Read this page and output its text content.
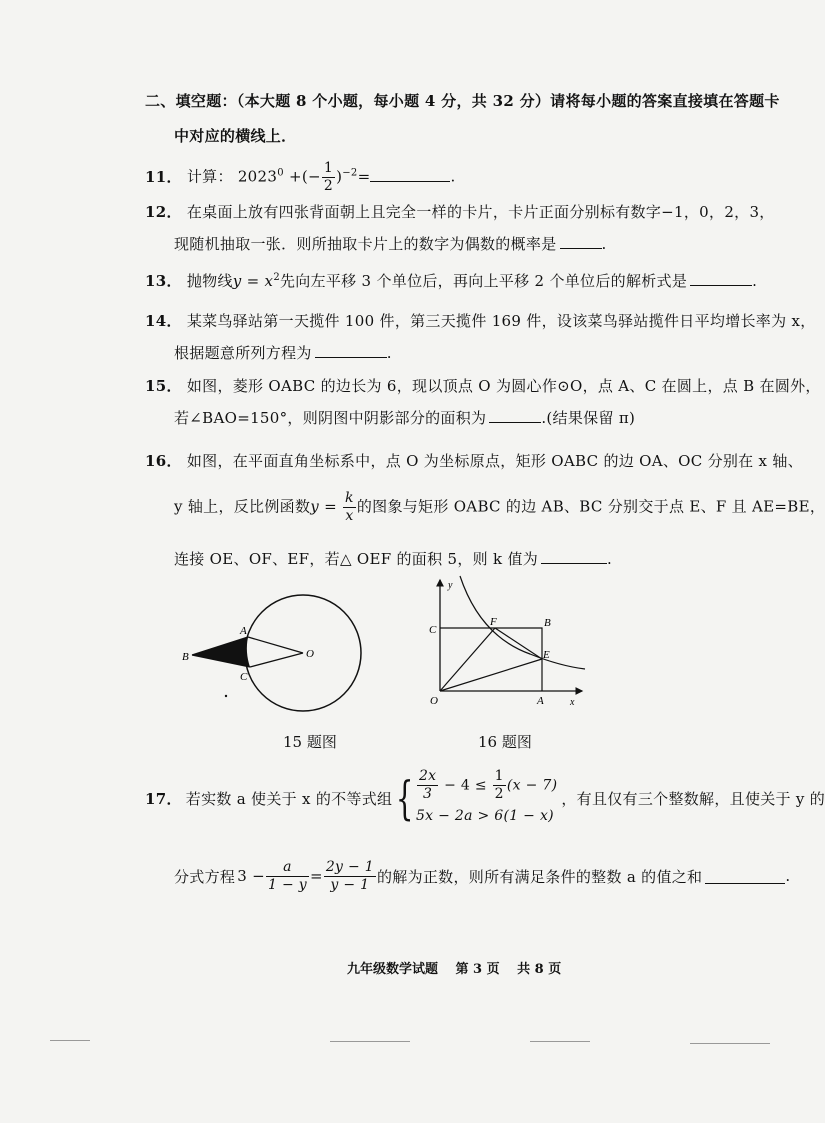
二、填空题：（本大题 8 个小题，每小题 4 分，共 32 分）请将每小题的答案直接填在答题卡
中对应的横线上．
11． 计算： $2023^0$ +(− $\frac{1}{2} )^{-2}=$	.
12． 在桌面上放有四张背面朝上且完全一样的卡片，卡片正面分别标有数字−1，0，2，3，
现随机抽取一张．则所抽取卡片上的数字为偶数的概率是	.
13． 抛物线$y = x^2$先向左平移 3 个单位后，再向上平移 2 个单位后的解析式是	.
14． 某菜鸟驿站第一天揽件 100 件，第三天揽件 169 件，设该菜鸟驿站揽件日平均增长率为 x，
根据题意所列方程为	.
15． 如图，菱形 OABC 的边长为 6，现以顶点 O 为圆心作⊙O，点 A、C 在圆上，点 B 在圆外，
若∠BAO=150°，则阴图中阴影部分的面积为	.(结果保留 π)
16． 如图，在平面直角坐标系中，点 O 为坐标原点，矩形 OABC 的边 OA、OC 分别在 x 轴、
y 轴上，反比例函数$y = \frac{k}{x}$ 的图象与矩形 OABC 的边 AB、BC 分别交于点 E、F 且 AE=BE，
连接 OE、OF、EF，若△ OEF 的面积 5，则 k 值为	.
B
A
C
O
15 题图
y
C
F	B
E
O	A	x
16 题图
17． 若实数 a 使关于 x 的不等式组 { $\frac{2x}{3} - 4 \le \frac{1}{2} (x - 7)$
5x − 2a > 6(1 − x)
，有且仅有三个整数解，且使关于 y 的
分式方程 $3 - \frac{a}{1 - y} = \frac{2y - 1}{y - 1}$ 的解为正数，则所有满足条件的整数 a 的值之和	.
九年级数学试题　 第 3 页　 共 8 页
